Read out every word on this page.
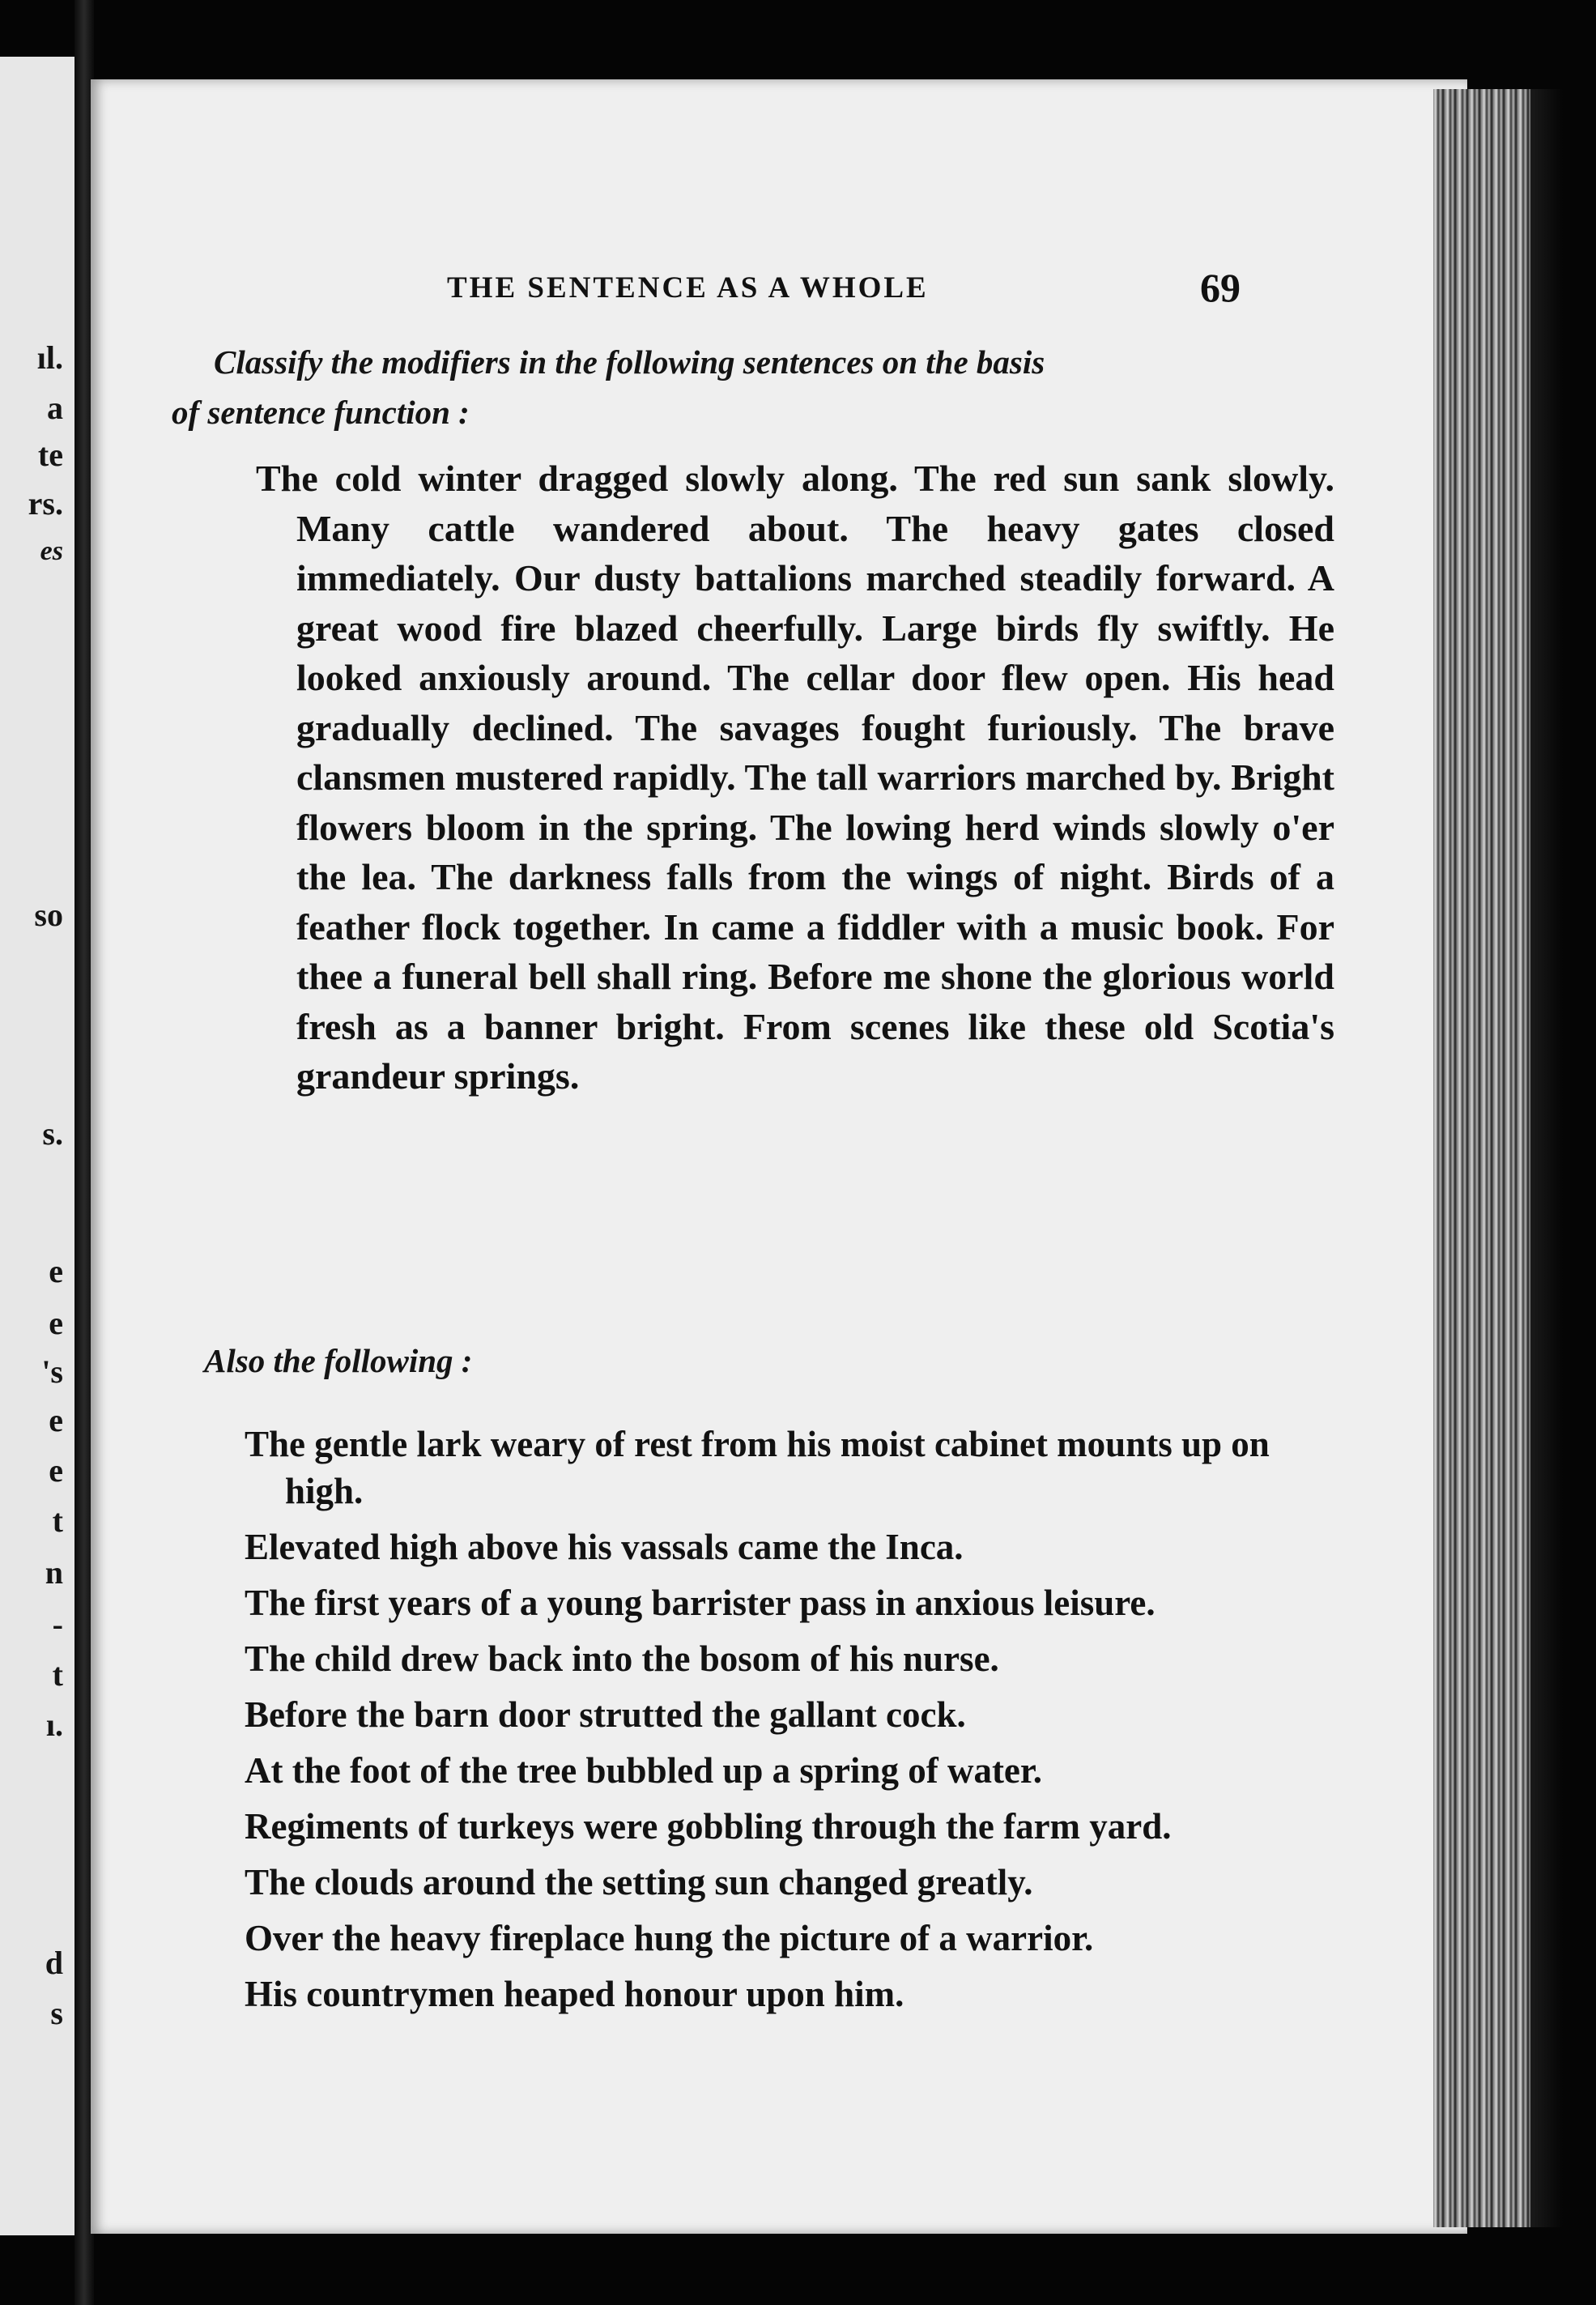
ıl.
a
te
rs.
es
so
s.
e
e
's
e
e
t
n
-
t
ı.
d
s
THE SENTENCE AS A WHOLE	69
Classify the modifiers in the following sentences on the basis
of sentence function :
The cold winter dragged slowly along. The red sun sank slowly. Many cattle wandered about. The heavy gates closed immediately. Our dusty battalions marched steadily forward. A great wood fire blazed cheerfully. Large birds fly swiftly. He looked anxiously around. The cellar door flew open. His head gradually declined. The savages fought furiously. The brave clansmen mustered rapidly. The tall warriors marched by. Bright flowers bloom in the spring. The lowing herd winds slowly o'er the lea. The darkness falls from the wings of night. Birds of a feather flock together. In came a fiddler with a music book. For thee a funeral bell shall ring. Before me shone the glorious world fresh as a banner bright. From scenes like these old Scotia's grandeur springs.
Also the following :
The gentle lark weary of rest from his moist cabinet mounts up on high.
Elevated high above his vassals came the Inca.
The first years of a young barrister pass in anxious leisure.
The child drew back into the bosom of his nurse.
Before the barn door strutted the gallant cock.
At the foot of the tree bubbled up a spring of water.
Regiments of turkeys were gobbling through the farm yard.
The clouds around the setting sun changed greatly.
Over the heavy fireplace hung the picture of a warrior.
His countrymen heaped honour upon him.
